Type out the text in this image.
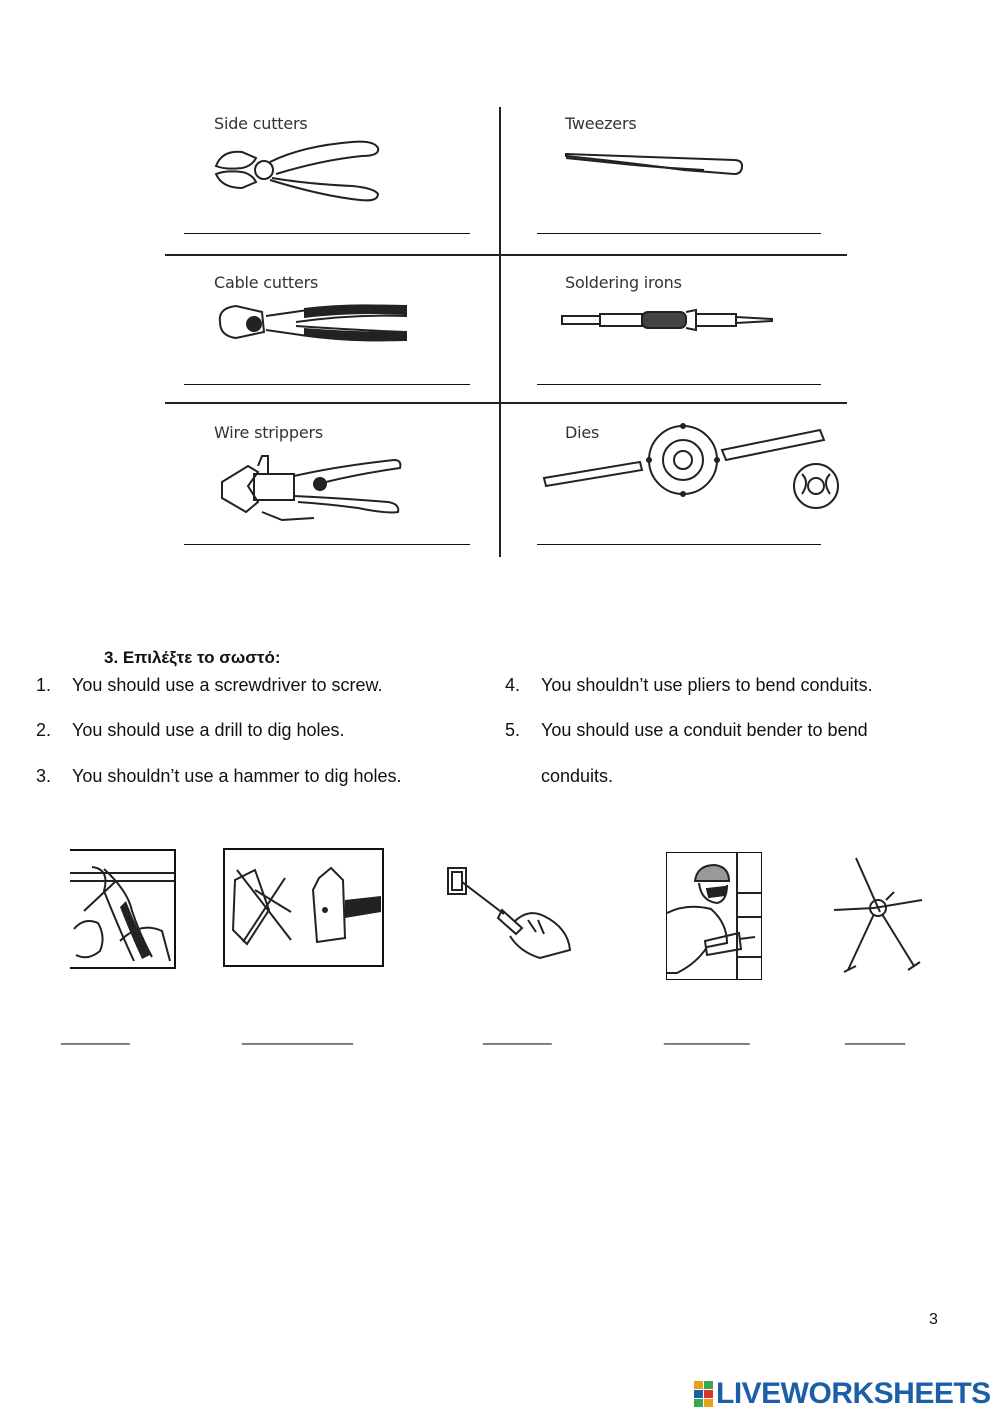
Side cutters	Tweezers
Cable cutters	Soldering irons
Wire strippers	Dies
3. Επιλέξτε το σωστό:
1. You should use a screwdriver to screw.
2. You should use a drill to dig holes.
3. You shouldn’t use a hammer to dig holes.
4. You shouldn’t use pliers to bend conduits.
5. You should use a conduit bender to bend
conduits.
________	_____________	________	__________	_______
3
LIVEWORKSHEETS
